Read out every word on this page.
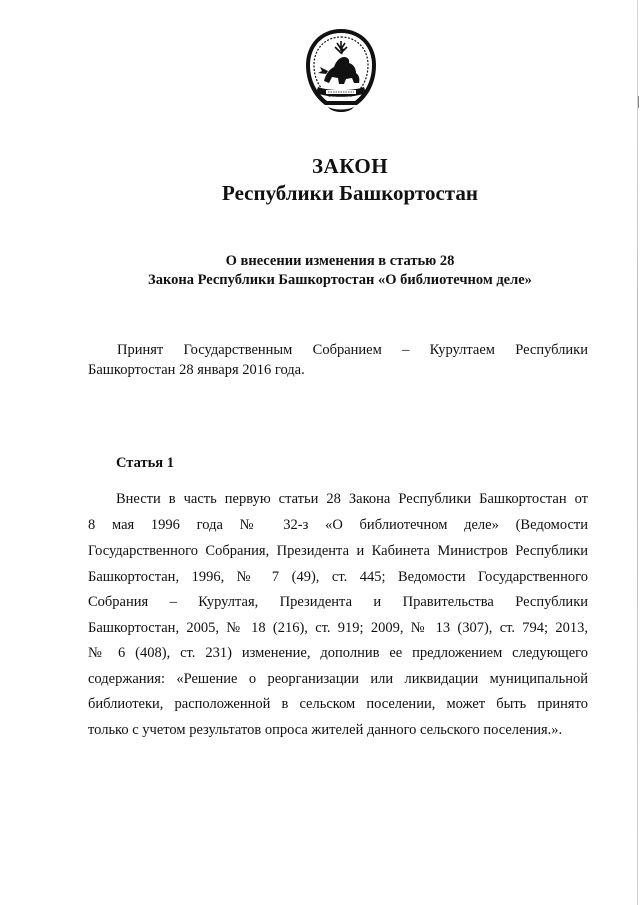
ЗАКОН
Республики Башкортостан
О внесении изменения в статью 28
Закона Республики Башкортостан «О библиотечном деле»
Принят Государственным Собранием – Курултаем Республики
Башкортостан 28 января 2016 года.
Статья 1
Внести в часть первую статьи 28 Закона Республики Башкортостан от
8 мая 1996 года № 32-з «О библиотечном деле» (Ведомости
Государственного Собрания, Президента и Кабинета Министров Республики
Башкортостан, 1996, № 7 (49), ст. 445; Ведомости Государственного
Собрания – Курултая, Президента и Правительства Республики
Башкортостан, 2005, № 18 (216), ст. 919; 2009, № 13 (307), ст. 794; 2013,
№ 6 (408), ст. 231) изменение, дополнив ее предложением следующего
содержания: «Решение о реорганизации или ликвидации муниципальной
библиотеки, расположенной в сельском поселении, может быть принято
только с учетом результатов опроса жителей данного сельского поселения.».
